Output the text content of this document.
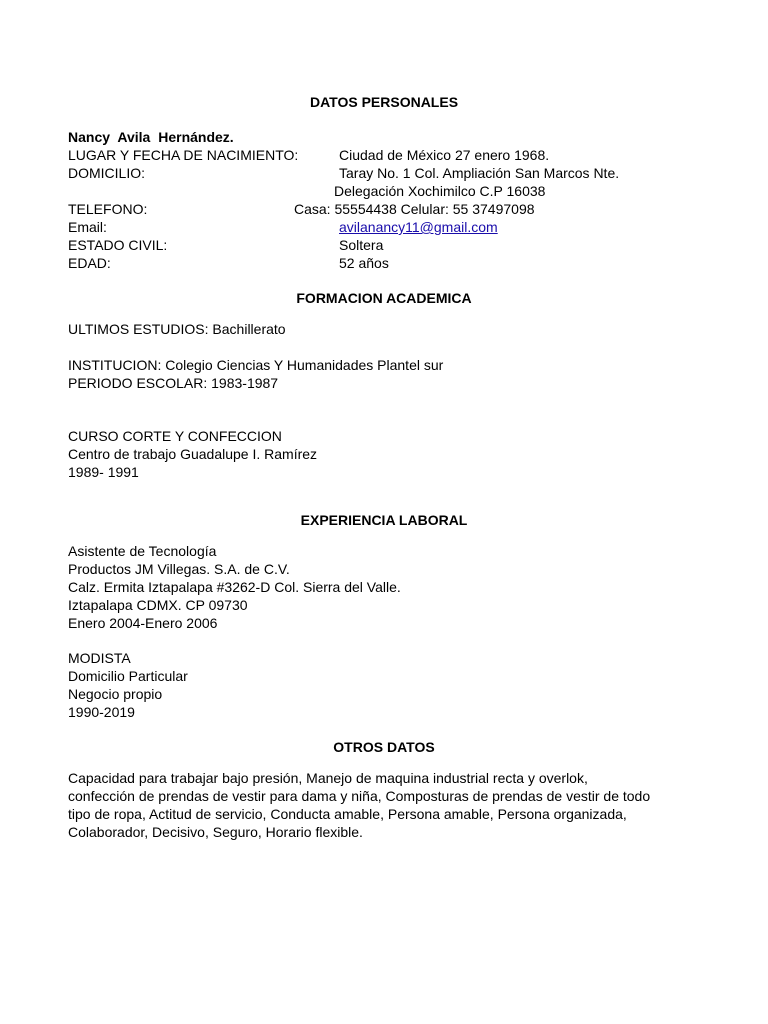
DATOS PERSONALES
Nancy Avila Hernández.
LUGAR Y FECHA DE NACIMIENTO:	Ciudad de México 27 enero 1968.
DOMICILIO:	Taray No. 1 Col. Ampliación San Marcos Nte.
Delegación Xochimilco C.P 16038
TELEFONO:	Casa: 55554438 Celular: 55 37497098
Email:	avilanancy11@gmail.com
ESTADO CIVIL:	Soltera
EDAD:	52 años
FORMACION ACADEMICA
ULTIMOS ESTUDIOS: Bachillerato
INSTITUCION: Colegio Ciencias Y Humanidades Plantel sur
PERIODO ESCOLAR: 1983-1987
CURSO CORTE Y CONFECCION
Centro de trabajo Guadalupe I. Ramírez
1989- 1991
EXPERIENCIA LABORAL
Asistente de Tecnología
Productos JM Villegas. S.A. de C.V.
Calz. Ermita Iztapalapa #3262-D Col. Sierra del Valle.
Iztapalapa CDMX. CP 09730
Enero 2004-Enero 2006
MODISTA
Domicilio Particular
Negocio propio
1990-2019
OTROS DATOS
Capacidad para trabajar bajo presión, Manejo de maquina industrial recta y overlok,
confección de prendas de vestir para dama y niña, Composturas de prendas de vestir de todo
tipo de ropa, Actitud de servicio, Conducta amable, Persona amable, Persona organizada,
Colaborador, Decisivo, Seguro, Horario flexible.
